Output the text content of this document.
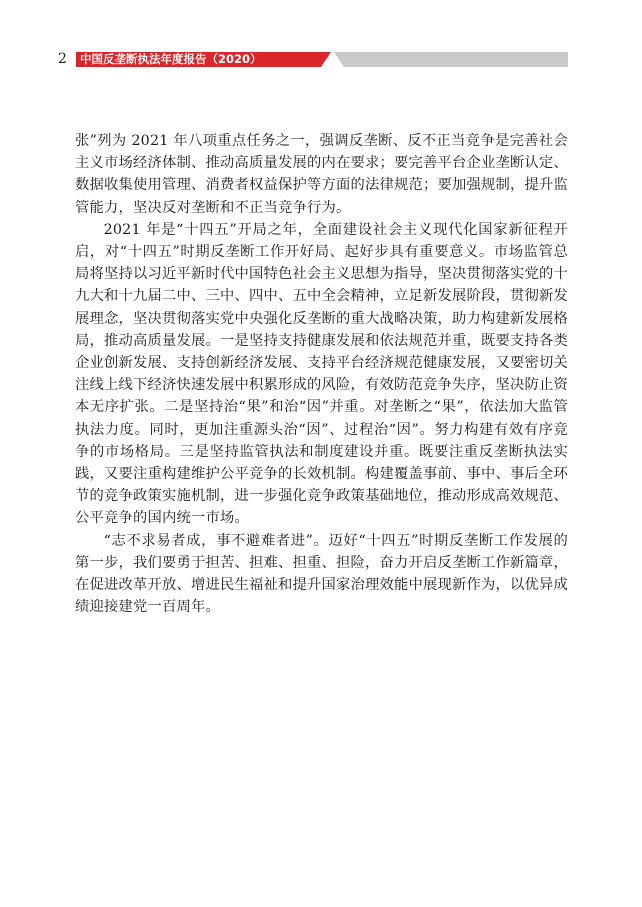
2	中国反垄断执法年度报告（2020）

张”列为 2021 年八项重点任务之一，强调反垄断、反不正当竞争是完善社会主义市场经济体制、推动高质量发展的内在要求；要完善平台企业垄断认定、数据收集使用管理、消费者权益保护等方面的法律规范；要加强规制，提升监管能力，坚决反对垄断和不正当竞争行为。

2021 年是“十四五”开局之年，全面建设社会主义现代化国家新征程开启，对“十四五”时期反垄断工作开好局、起好步具有重要意义。市场监管总局将坚持以习近平新时代中国特色社会主义思想为指导，坚决贯彻落实党的十九大和十九届二中、三中、四中、五中全会精神，立足新发展阶段，贯彻新发展理念，坚决贯彻落实党中央强化反垄断的重大战略决策，助力构建新发展格局，推动高质量发展。一是坚持支持健康发展和依法规范并重，既要支持各类企业创新发展、支持创新经济发展、支持平台经济规范健康发展，又要密切关注线上线下经济快速发展中积累形成的风险，有效防范竞争失序，坚决防止资本无序扩张。二是坚持治“果”和治“因”并重。对垄断之“果”，依法加大监管执法力度。同时，更加注重源头治“因”、过程治“因”。努力构建有效有序竞争的市场格局。三是坚持监管执法和制度建设并重。既要注重反垄断执法实践，又要注重构建维护公平竞争的长效机制。构建覆盖事前、事中、事后全环节的竞争政策实施机制，进一步强化竞争政策基础地位，推动形成高效规范、公平竞争的国内统一市场。

“志不求易者成，事不避难者进”。迈好“十四五”时期反垄断工作发展的第一步，我们要勇于担苦、担难、担重、担险，奋力开启反垄断工作新篇章，在促进改革开放、增进民生福祉和提升国家治理效能中展现新作为，以优异成绩迎接建党一百周年。
